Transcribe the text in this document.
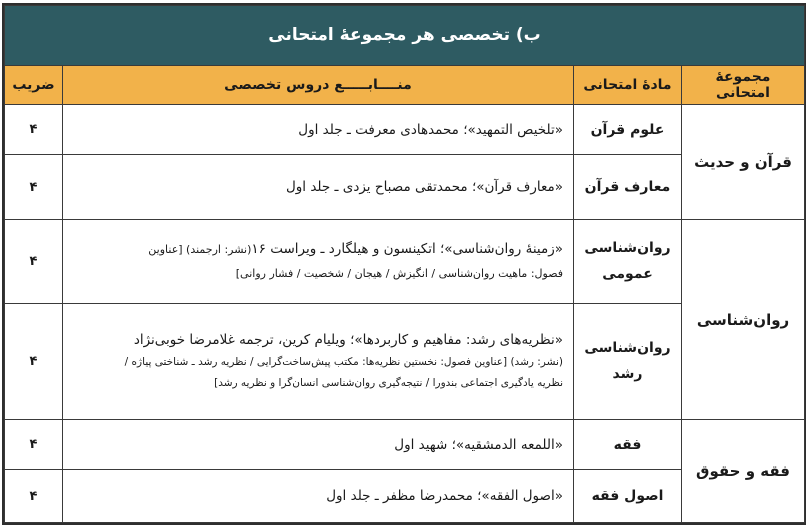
ب) تخصصی هر مجموعهٔ امتحانی			
ضریب	منــــابـــــع دروس تخصصی	مادهٔ امتحانی	مجموعهٔ امتحانی
۴	«تلخیص التمهید»؛ محمدهادی معرفت ـ جلد اول	علوم قرآن	قرآن و حدیث
۴	«معارف قرآن»؛ محمدتقی مصباح یزدی ـ جلد اول	معارف قرآن	
۴	«زمینهٔ روان‌شناسی»؛ اتکینسون و هیلگارد ـ ویراست ۱۶(نشر: ارجمند) [عناوین
فصول: ماهیت روان‌شناسی / انگیزش / هیجان / شخصیت / فشار روانی]	روان‌شناسی عمومی	روان‌شناسی
۴	«نظریه‌های رشد: مفاهیم و کاربردها»؛ ویلیام کرین، ترجمه غلامرضا خوبی‌نژاد
(نشر: رشد) [عناوین فصول: نخستین نظریه‌ها: مکتب پیش‌ساخت‌گرایی / نظریه رشد ـ شناختی پیاژه /
نظریه یادگیری اجتماعی بندورا / نتیجه‌گیری روان‌شناسی انسان‌گرا و نظریه رشد]	روان‌شناسی رشد	
۴	«اللمعه الدمشقیه»؛ شهید اول	فقه	فقه و حقوق
۴	«اصول الفقه»؛ محمدرضا مظفر ـ جلد اول	اصول فقه	
